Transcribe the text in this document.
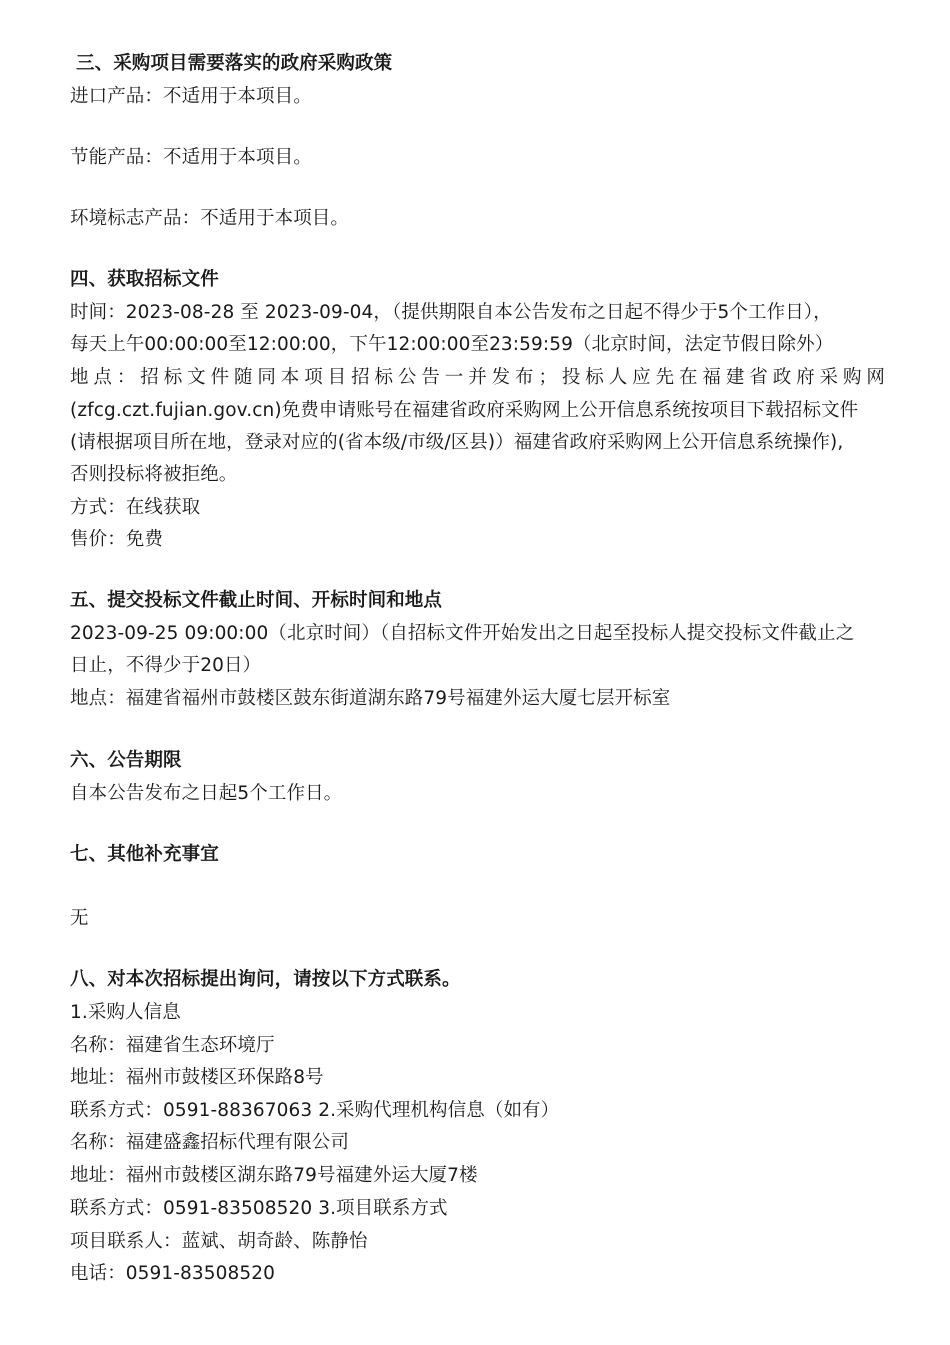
三、采购项目需要落实的政府采购政策
进口产品：不适用于本项目。
节能产品：不适用于本项目。
环境标志产品：不适用于本项目。
四、获取招标文件
时间：2023-08-28 至 2023-09-04，（提供期限自本公告发布之日起不得少于5个工作日），
每天上午00:00:00至12:00:00，下午12:00:00至23:59:59（北京时间，法定节假日除外）
地点：招标文件随同本项目招标公告一并发布；投标人应先在福建省政府采购网
(zfcg.czt.fujian.gov.cn)免费申请账号在福建省政府采购网上公开信息系统按项目下载招标文件
(请根据项目所在地，登录对应的(省本级/市级/区县)）福建省政府采购网上公开信息系统操作),
否则投标将被拒绝。
方式：在线获取
售价：免费
五、提交投标文件截止时间、开标时间和地点
2023-09-25 09:00:00（北京时间）（自招标文件开始发出之日起至投标人提交投标文件截止之
日止，不得少于20日）
地点：福建省福州市鼓楼区鼓东街道湖东路79号福建外运大厦七层开标室
六、公告期限
自本公告发布之日起5个工作日。
七、其他补充事宜
无
八、对本次招标提出询问，请按以下方式联系。
1.采购人信息
名称：福建省生态环境厅
地址：福州市鼓楼区环保路8号
联系方式：0591-88367063 2.采购代理机构信息（如有）
名称：福建盛鑫招标代理有限公司
地址：福州市鼓楼区湖东路79号福建外运大厦7楼
联系方式：0591-83508520 3.项目联系方式
项目联系人：蓝斌、胡奇龄、陈静怡
电话：0591-83508520
